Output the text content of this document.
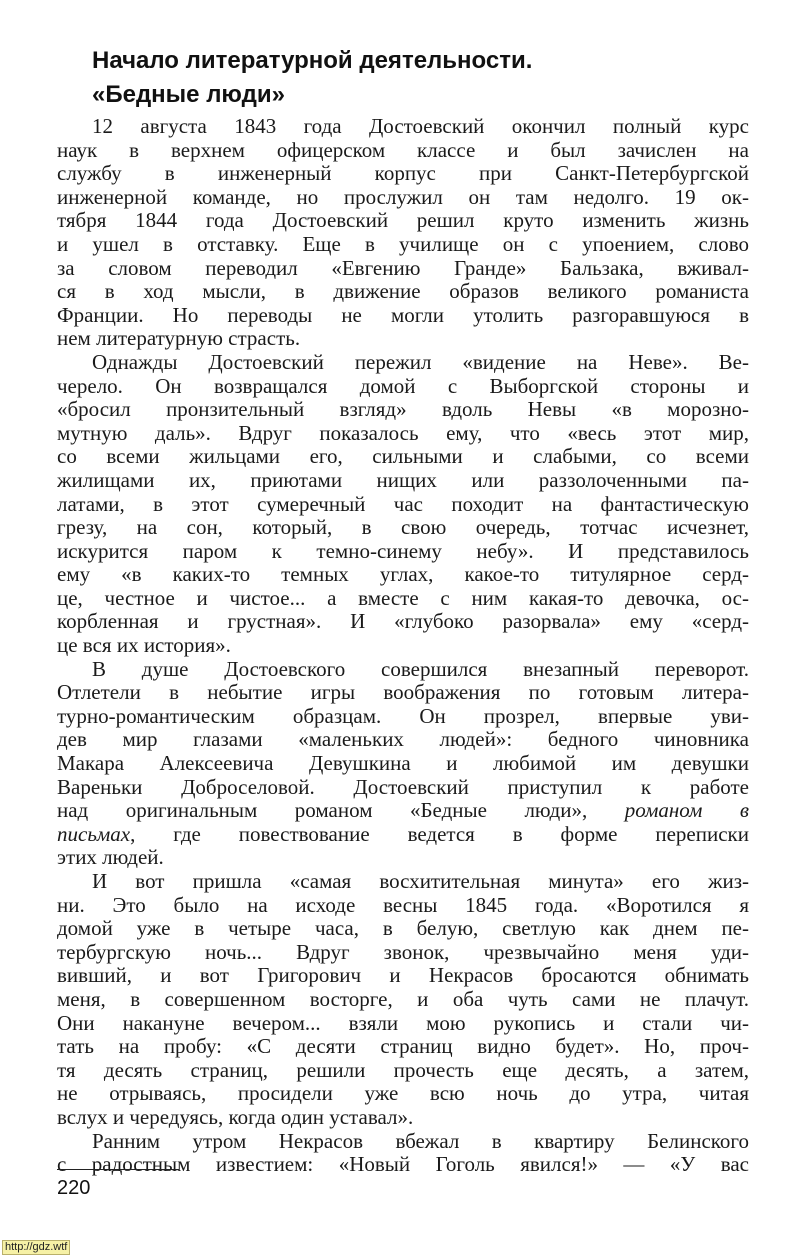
Начало литературной деятельности.
«Бедные люди»
12 августа 1843 года Достоевский окончил полный курс
наук в верхнем офицерском классе и был зачислен на
службу в инженерный корпус при Санкт-Петербургской
инженерной команде, но прослужил он там недолго. 19 ок-
тября 1844 года Достоевский решил круто изменить жизнь
и ушел в отставку. Еще в училище он с упоением, слово
за словом переводил «Евгению Гранде» Бальзака, вживал-
ся в ход мысли, в движение образов великого романиста
Франции. Но переводы не могли утолить разгоравшуюся в
нем литературную страсть.
Однажды Достоевский пережил «видение на Неве». Ве-
черело. Он возвращался домой с Выборгской стороны и
«бросил пронзительный взгляд» вдоль Невы «в морозно-
мутную даль». Вдруг показалось ему, что «весь этот мир,
со всеми жильцами его, сильными и слабыми, со всеми
жилищами их, приютами нищих или раззолоченными па-
латами, в этот сумеречный час походит на фантастическую
грезу, на сон, который, в свою очередь, тотчас исчезнет,
искурится паром к темно-синему небу». И представилось
ему «в каких-то темных углах, какое-то титулярное серд-
це, честное и чистое... а вместе с ним какая-то девочка, ос-
корбленная и грустная». И «глубоко разорвала» ему «серд-
це вся их история».
В душе Достоевского совершился внезапный переворот.
Отлетели в небытие игры воображения по готовым литера-
турно-романтическим образцам. Он прозрел, впервые уви-
дев мир глазами «маленьких людей»: бедного чиновника
Макара Алексеевича Девушкина и любимой им девушки
Вареньки Доброселовой. Достоевский приступил к работе
над оригинальным романом «Бедные люди», романом в
письмах, где повествование ведется в форме переписки
этих людей.
И вот пришла «самая восхитительная минута» его жиз-
ни. Это было на исходе весны 1845 года. «Воротился я
домой уже в четыре часа, в белую, светлую как днем пе-
тербургскую ночь... Вдруг звонок, чрезвычайно меня уди-
вивший, и вот Григорович и Некрасов бросаются обнимать
меня, в совершенном восторге, и оба чуть сами не плачут.
Они накануне вечером... взяли мою рукопись и стали чи-
тать на пробу: «С десяти страниц видно будет». Но, проч-
тя десять страниц, решили прочесть еще десять, а затем,
не отрываясь, просидели уже всю ночь до утра, читая
вслух и чередуясь, когда один уставал».
Ранним утром Некрасов вбежал в квартиру Белинского
с радостным известием: «Новый Гоголь явился!» — «У вас
220
http://gdz.wtf
